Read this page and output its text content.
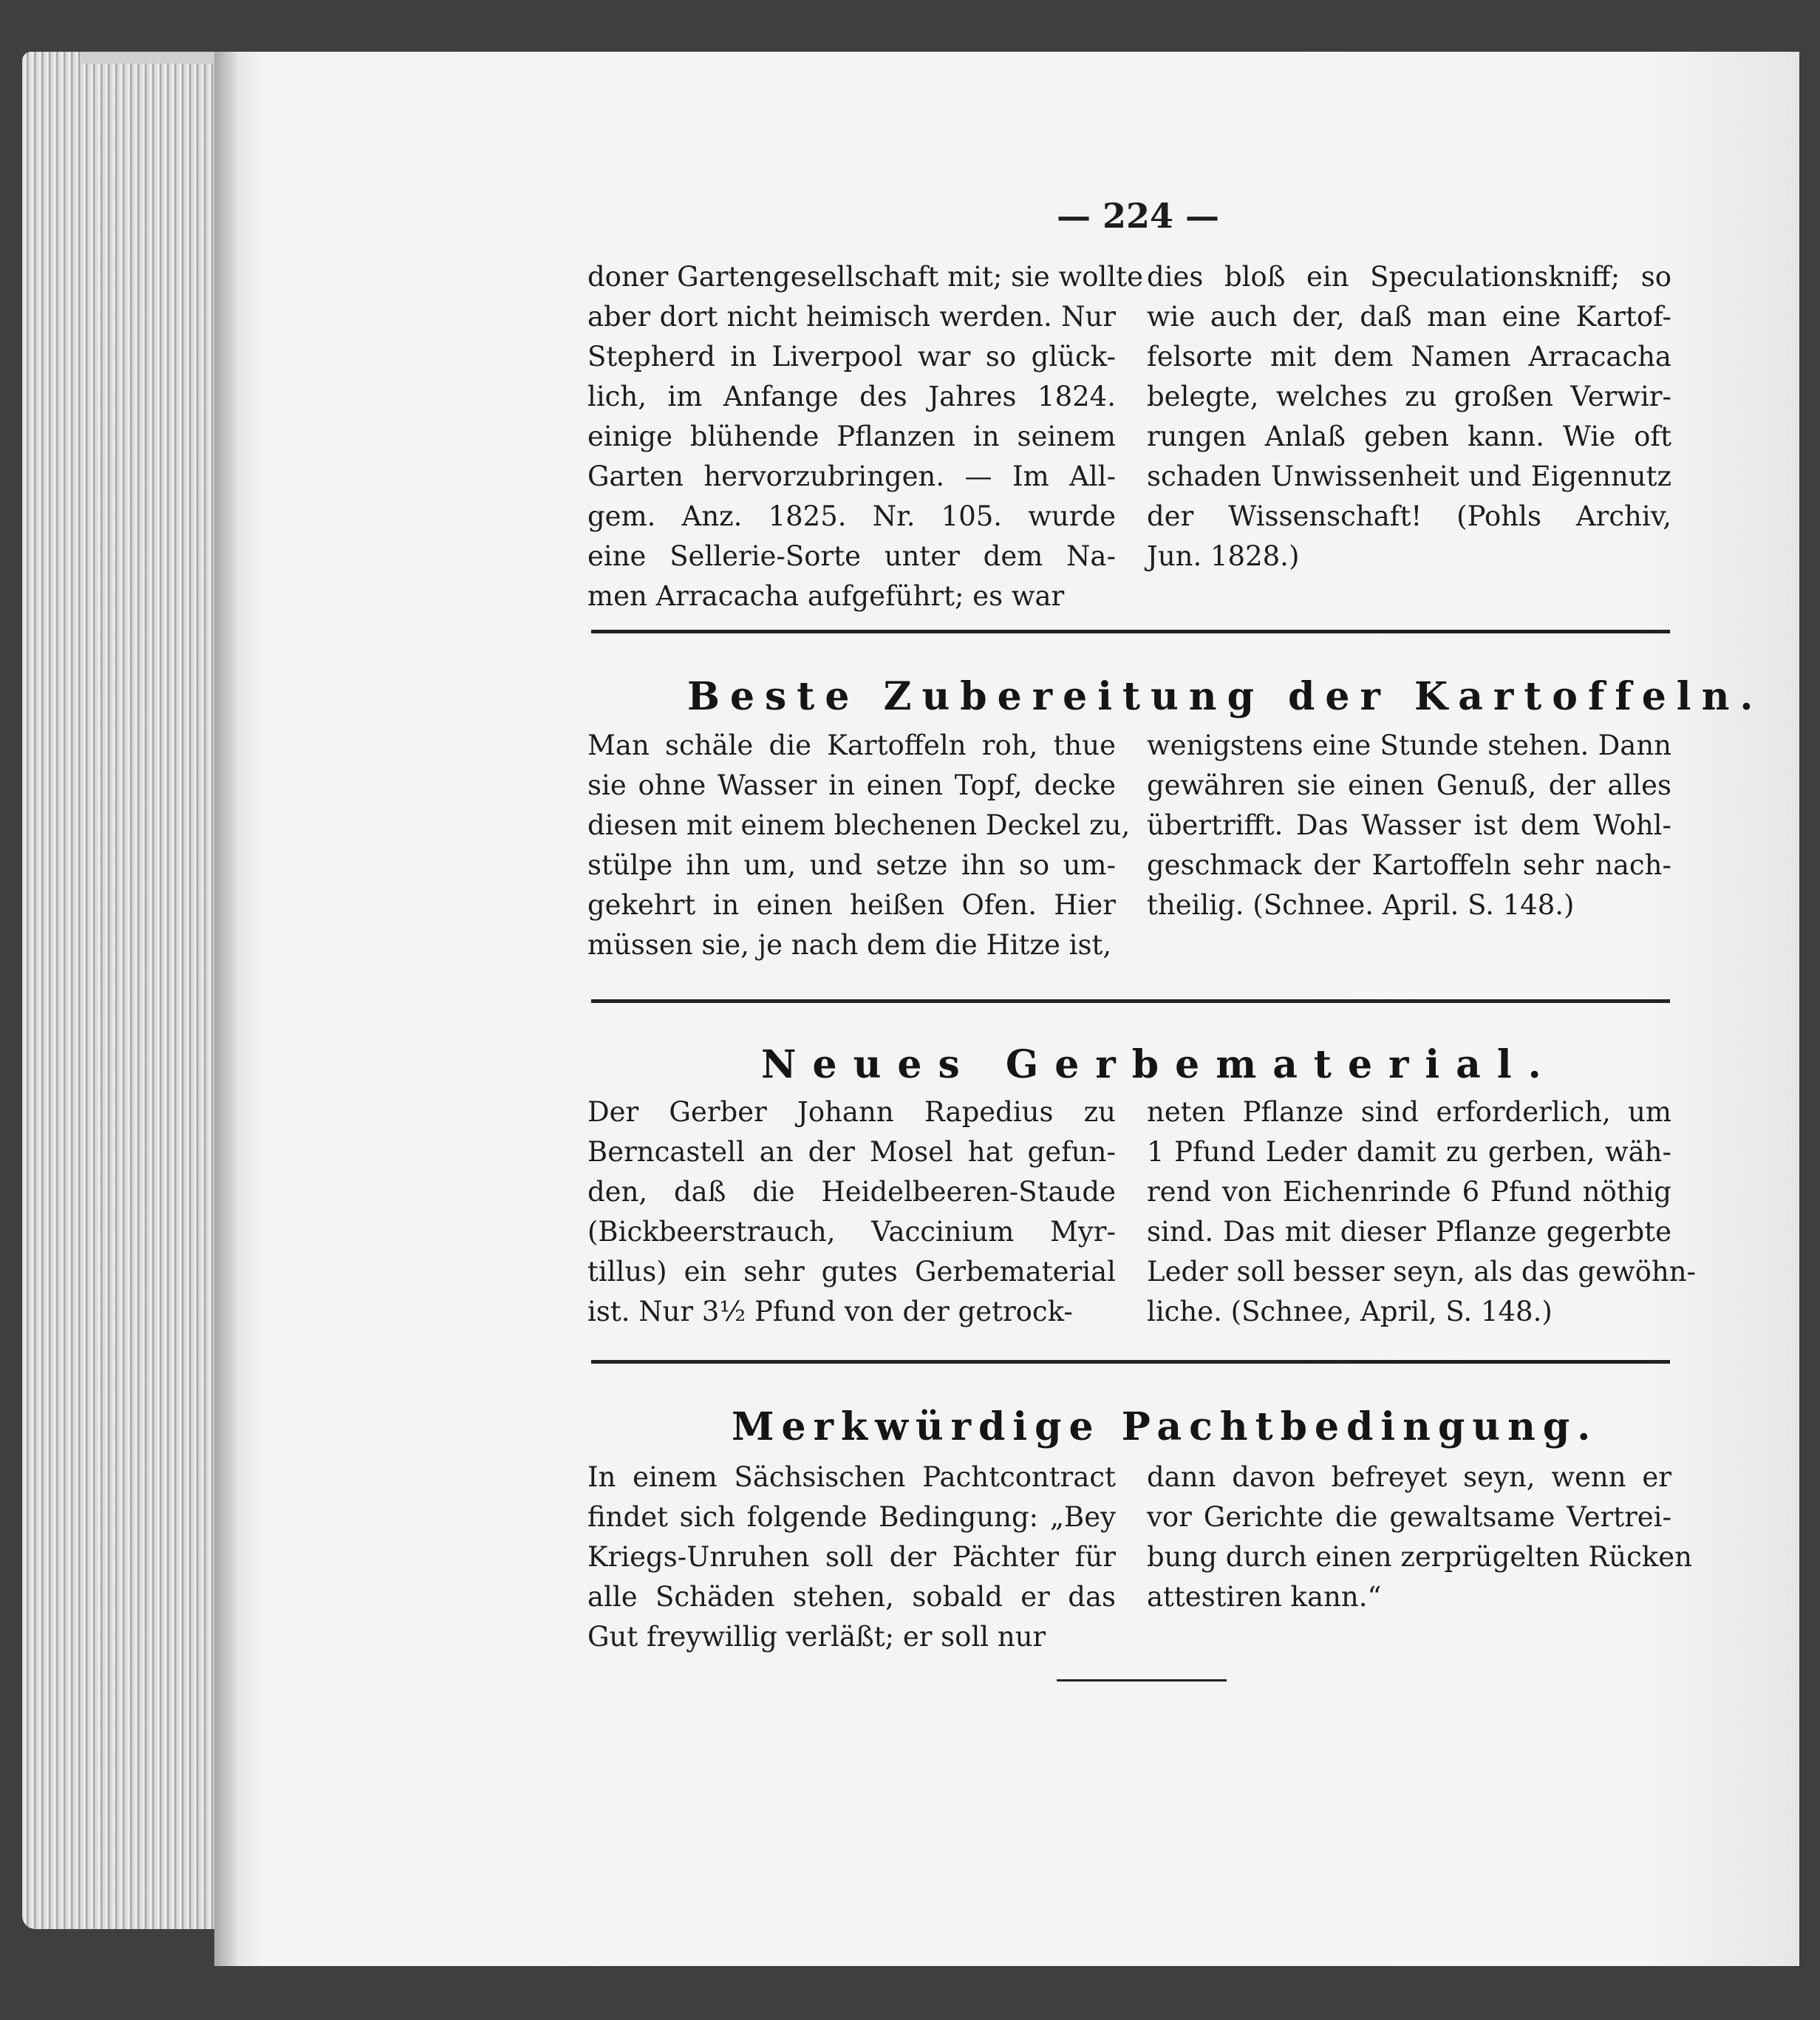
— 224 —
doner Gartengesellschaft mit; sie wollte
aber dort nicht heimisch werden. Nur
Stepherd in Liverpool war so glück-
lich, im Anfange des Jahres 1824.
einige blühende Pflanzen in seinem
Garten hervorzubringen. — Im All-
gem. Anz. 1825. Nr. 105. wurde
eine Sellerie-Sorte unter dem Na-
men Arracacha aufgeführt; es war
dies bloß ein Speculationskniff; so
wie auch der, daß man eine Kartof-
felsorte mit dem Namen Arracacha
belegte, welches zu großen Verwir-
rungen Anlaß geben kann. Wie oft
schaden Unwissenheit und Eigennutz
der Wissenschaft! (Pohls Archiv,
Jun. 1828.)
Beste Zubereitung der Kartoffeln.
Man schäle die Kartoffeln roh, thue
sie ohne Wasser in einen Topf, decke
diesen mit einem blechenen Deckel zu,
stülpe ihn um, und setze ihn so um-
gekehrt in einen heißen Ofen. Hier
müssen sie, je nach dem die Hitze ist,
wenigstens eine Stunde stehen. Dann
gewähren sie einen Genuß, der alles
übertrifft. Das Wasser ist dem Wohl-
geschmack der Kartoffeln sehr nach-
theilig. (Schnee. April. S. 148.)
Neues Gerbematerial.
Der Gerber Johann Rapedius zu
Berncastell an der Mosel hat gefun-
den, daß die Heidelbeeren-Staude
(Bickbeerstrauch, Vaccinium Myr-
tillus) ein sehr gutes Gerbematerial
ist. Nur 3½ Pfund von der getrock-
neten Pflanze sind erforderlich, um
1 Pfund Leder damit zu gerben, wäh-
rend von Eichenrinde 6 Pfund nöthig
sind. Das mit dieser Pflanze gegerbte
Leder soll besser seyn, als das gewöhn-
liche. (Schnee, April, S. 148.)
Merkwürdige Pachtbedingung.
In einem Sächsischen Pachtcontract
findet sich folgende Bedingung: „Bey
Kriegs-Unruhen soll der Pächter für
alle Schäden stehen, sobald er das
Gut freywillig verläßt; er soll nur
dann davon befreyet seyn, wenn er
vor Gerichte die gewaltsame Vertrei-
bung durch einen zerprügelten Rücken
attestiren kann.“
